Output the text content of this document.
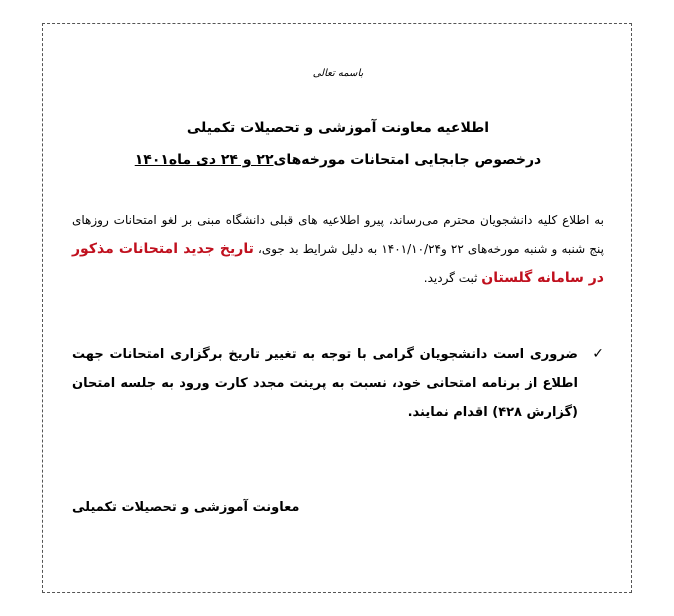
باسمه تعالی
اطلاعیه معاونت آموزشی و تحصیلات تکمیلی
درخصوص جابجایی امتحانات مورخه‌های۲۲ و ۲۴ دی ماه۱۴۰۱
به اطلاع کلیه دانشجویان محترم می‌رساند، پیرو اطلاعیه های قبلی دانشگاه مبنی بر لغو امتحانات روزهای پنج شنبه و شنبه مورخه‌های ۲۲ و۱۴۰۱/۱۰/۲۴ به دلیل شرایط بد جوی، تاریخ جدید امتحانات مذکور در سامانه گلستان ثبت گردید.
✓
ضروری است دانشجویان گرامی با توجه به تغییر تاریخ برگزاری امتحانات جهت اطلاع از برنامه امتحانی خود، نسبت به پرینت مجدد کارت ورود به جلسه امتحان (گزارش ۴۲۸) اقدام نمایند.
معاونت آموزشی و تحصیلات تکمیلی
